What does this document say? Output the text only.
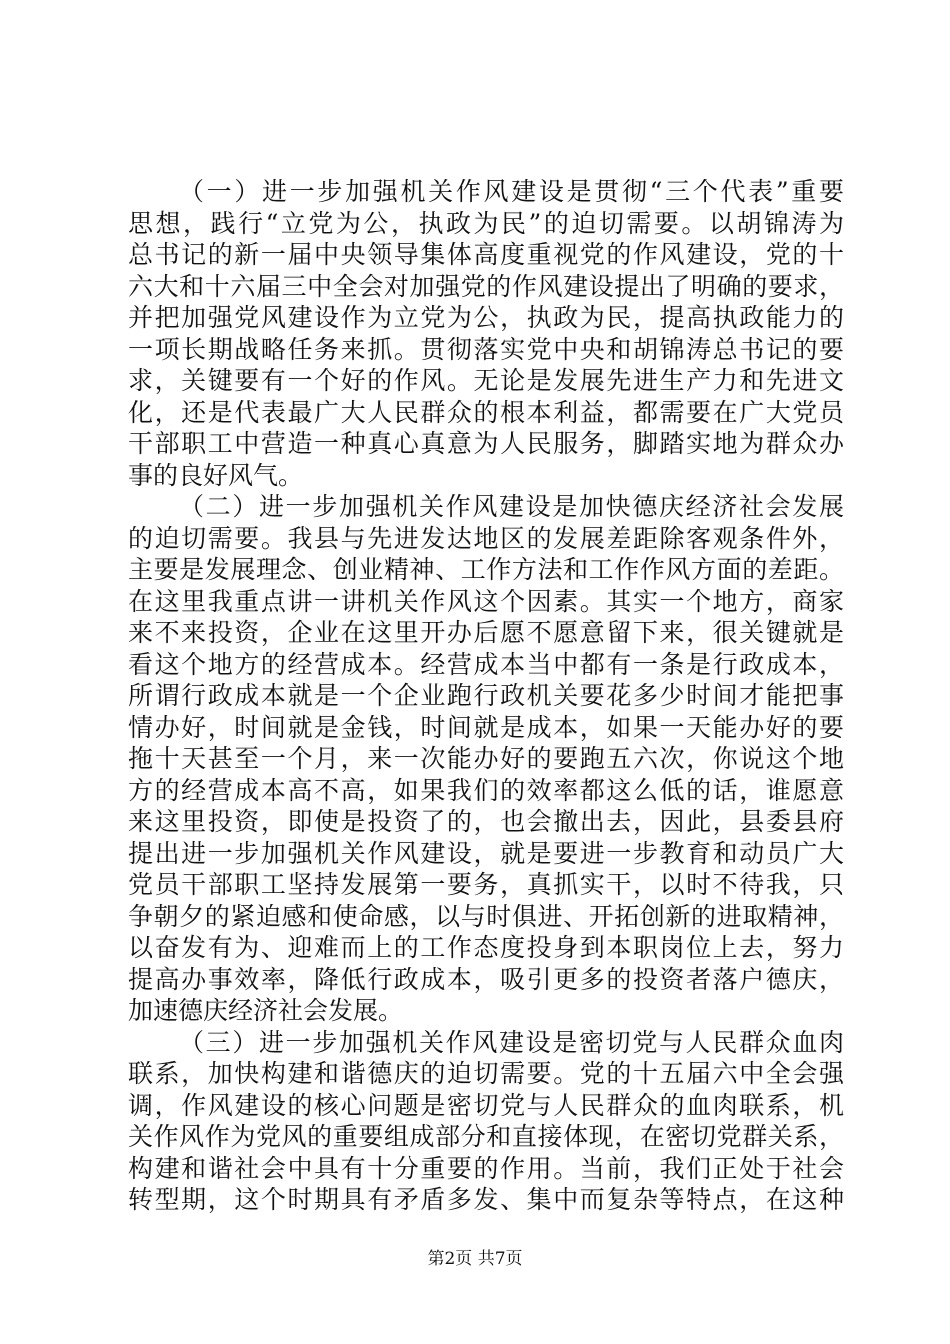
（一）进一步加强机关作风建设是贯彻“三个代表”重要
思想，践行“立党为公，执政为民”的迫切需要。以胡锦涛为
总书记的新一届中央领导集体高度重视党的作风建设，党的十
六大和十六届三中全会对加强党的作风建设提出了明确的要求，
并把加强党风建设作为立党为公，执政为民，提高执政能力的
一项长期战略任务来抓。贯彻落实党中央和胡锦涛总书记的要
求，关键要有一个好的作风。无论是发展先进生产力和先进文
化，还是代表最广大人民群众的根本利益，都需要在广大党员
干部职工中营造一种真心真意为人民服务，脚踏实地为群众办
事的良好风气。
（二）进一步加强机关作风建设是加快德庆经济社会发展
的迫切需要。我县与先进发达地区的发展差距除客观条件外，
主要是发展理念、创业精神、工作方法和工作作风方面的差距。
在这里我重点讲一讲机关作风这个因素。其实一个地方，商家
来不来投资，企业在这里开办后愿不愿意留下来，很关键就是
看这个地方的经营成本。经营成本当中都有一条是行政成本，
所谓行政成本就是一个企业跑行政机关要花多少时间才能把事
情办好，时间就是金钱，时间就是成本，如果一天能办好的要
拖十天甚至一个月，来一次能办好的要跑五六次，你说这个地
方的经营成本高不高，如果我们的效率都这么低的话，谁愿意
来这里投资，即使是投资了的，也会撤出去，因此，县委县府
提出进一步加强机关作风建设，就是要进一步教育和动员广大
党员干部职工坚持发展第一要务，真抓实干，以时不待我，只
争朝夕的紧迫感和使命感，以与时俱进、开拓创新的进取精神，
以奋发有为、迎难而上的工作态度投身到本职岗位上去，努力
提高办事效率，降低行政成本，吸引更多的投资者落户德庆，
加速德庆经济社会发展。
（三）进一步加强机关作风建设是密切党与人民群众血肉
联系，加快构建和谐德庆的迫切需要。党的十五届六中全会强
调，作风建设的核心问题是密切党与人民群众的血肉联系，机
关作风作为党风的重要组成部分和直接体现，在密切党群关系，
构建和谐社会中具有十分重要的作用。当前，我们正处于社会
转型期，这个时期具有矛盾多发、集中而复杂等特点，在这种
第2页 共7页
